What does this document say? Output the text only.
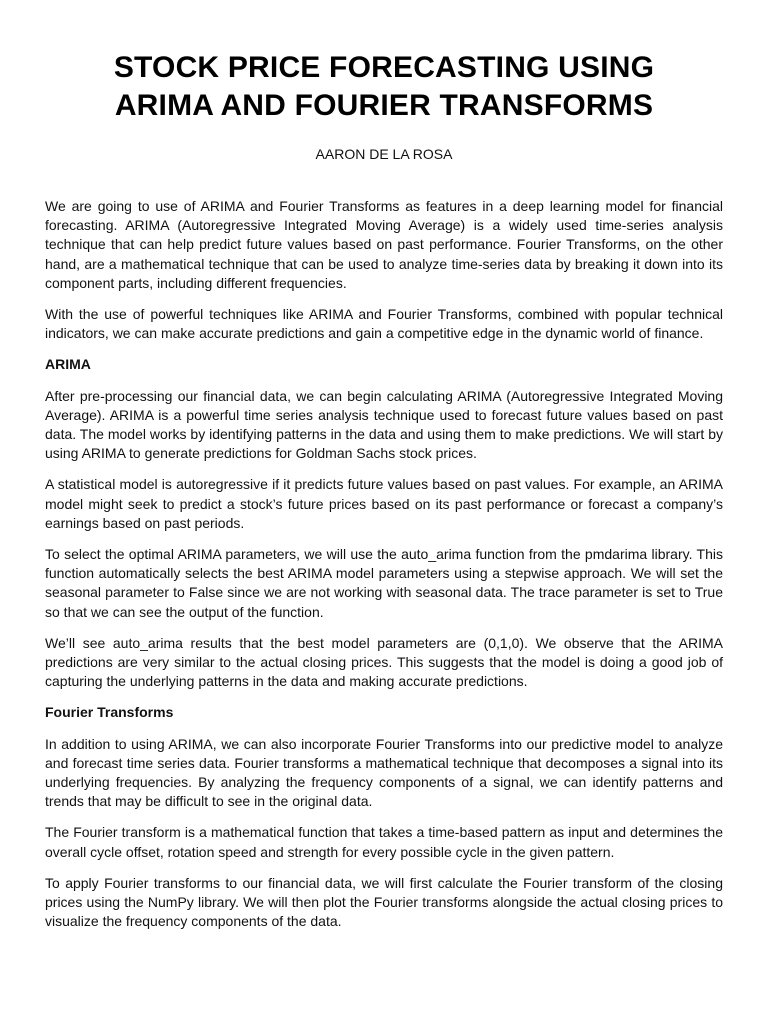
STOCK PRICE FORECASTING USING
ARIMA AND FOURIER TRANSFORMS

AARON DE LA ROSA

We are going to use of ARIMA and Fourier Transforms as features in a deep learning model for financial forecasting. ARIMA (Autoregressive Integrated Moving Average) is a widely used time-series analysis technique that can help predict future values based on past performance. Fourier Transforms, on the other hand, are a mathematical technique that can be used to analyze time-series data by breaking it down into its component parts, including different frequencies.

With the use of powerful techniques like ARIMA and Fourier Transforms, combined with popular technical indicators, we can make accurate predictions and gain a competitive edge in the dynamic world of finance.

ARIMA

After pre-processing our financial data, we can begin calculating ARIMA (Autoregressive Integrated Moving Average). ARIMA is a powerful time series analysis technique used to forecast future values based on past data. The model works by identifying patterns in the data and using them to make predictions. We will start by using ARIMA to generate predictions for Goldman Sachs stock prices.

A statistical model is autoregressive if it predicts future values based on past values. For example, an ARIMA model might seek to predict a stock’s future prices based on its past performance or forecast a company’s earnings based on past periods.

To select the optimal ARIMA parameters, we will use the auto_arima function from the pmdarima library. This function automatically selects the best ARIMA model parameters using a stepwise approach. We will set the seasonal parameter to False since we are not working with seasonal data. The trace parameter is set to True so that we can see the output of the function.

We’ll see auto_arima results that the best model parameters are (0,1,0). We observe that the ARIMA predictions are very similar to the actual closing prices. This suggests that the model is doing a good job of capturing the underlying patterns in the data and making accurate predictions.

Fourier Transforms

In addition to using ARIMA, we can also incorporate Fourier Transforms into our predictive model to analyze and forecast time series data. Fourier transforms a mathematical technique that decomposes a signal into its underlying frequencies. By analyzing the frequency components of a signal, we can identify patterns and trends that may be difficult to see in the original data.

The Fourier transform is a mathematical function that takes a time-based pattern as input and determines the overall cycle offset, rotation speed and strength for every possible cycle in the given pattern.

To apply Fourier transforms to our financial data, we will first calculate the Fourier transform of the closing prices using the NumPy library. We will then plot the Fourier transforms alongside the actual closing prices to visualize the frequency components of the data.
